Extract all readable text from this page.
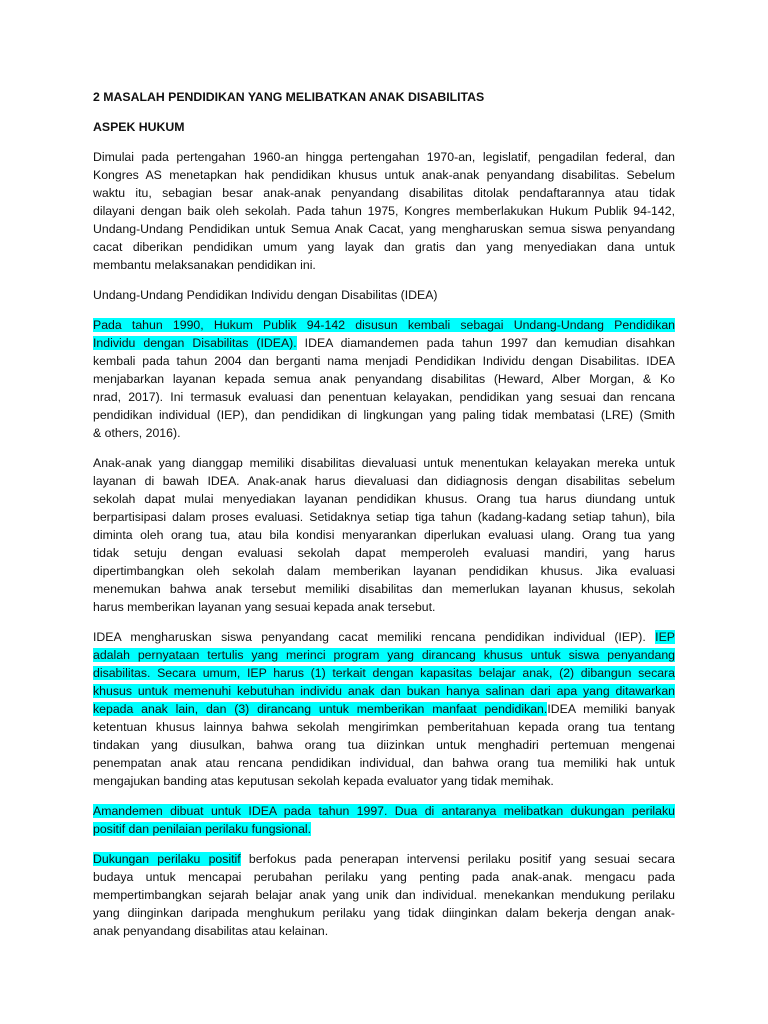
2 MASALAH PENDIDIKAN YANG MELIBATKAN ANAK DISABILITAS
ASPEK HUKUM
Dimulai pada pertengahan 1960-an hingga pertengahan 1970-an, legislatif, pengadilan federal, dan
Kongres AS menetapkan hak pendidikan khusus untuk anak-anak penyandang disabilitas. Sebelum
waktu itu, sebagian besar anak-anak penyandang disabilitas ditolak pendaftarannya atau tidak
dilayani dengan baik oleh sekolah. Pada tahun 1975, Kongres memberlakukan Hukum Publik 94-142,
Undang-Undang Pendidikan untuk Semua Anak Cacat, yang mengharuskan semua siswa penyandang
cacat diberikan pendidikan umum yang layak dan gratis dan yang menyediakan dana untuk
membantu melaksanakan pendidikan ini.
Undang-Undang Pendidikan Individu dengan Disabilitas (IDEA)
Pada tahun 1990, Hukum Publik 94-142 disusun kembali sebagai Undang-Undang Pendidikan
Individu dengan Disabilitas (IDEA). IDEA diamandemen pada tahun 1997 dan kemudian disahkan
kembali pada tahun 2004 dan berganti nama menjadi Pendidikan Individu dengan Disabilitas. IDEA
menjabarkan layanan kepada semua anak penyandang disabilitas (Heward, Alber Morgan, & Ko
nrad, 2017). Ini termasuk evaluasi dan penentuan kelayakan, pendidikan yang sesuai dan rencana
pendidikan individual (IEP), dan pendidikan di lingkungan yang paling tidak membatasi (LRE) (Smith
& others, 2016).
Anak-anak yang dianggap memiliki disabilitas dievaluasi untuk menentukan kelayakan mereka untuk
layanan di bawah IDEA. Anak-anak harus dievaluasi dan didiagnosis dengan disabilitas sebelum
sekolah dapat mulai menyediakan layanan pendidikan khusus. Orang tua harus diundang untuk
berpartisipasi dalam proses evaluasi. Setidaknya setiap tiga tahun (kadang-kadang setiap tahun), bila
diminta oleh orang tua, atau bila kondisi menyarankan diperlukan evaluasi ulang. Orang tua yang
tidak setuju dengan evaluasi sekolah dapat memperoleh evaluasi mandiri, yang harus
dipertimbangkan oleh sekolah dalam memberikan layanan pendidikan khusus. Jika evaluasi
menemukan bahwa anak tersebut memiliki disabilitas dan memerlukan layanan khusus, sekolah
harus memberikan layanan yang sesuai kepada anak tersebut.
IDEA mengharuskan siswa penyandang cacat memiliki rencana pendidikan individual (IEP). IEP
adalah pernyataan tertulis yang merinci program yang dirancang khusus untuk siswa penyandang
disabilitas. Secara umum, IEP harus (1) terkait dengan kapasitas belajar anak, (2) dibangun secara
khusus untuk memenuhi kebutuhan individu anak dan bukan hanya salinan dari apa yang ditawarkan
kepada anak lain, dan (3) dirancang untuk memberikan manfaat pendidikan.IDEA memiliki banyak
ketentuan khusus lainnya bahwa sekolah mengirimkan pemberitahuan kepada orang tua tentang
tindakan yang diusulkan, bahwa orang tua diizinkan untuk menghadiri pertemuan mengenai
penempatan anak atau rencana pendidikan individual, dan bahwa orang tua memiliki hak untuk
mengajukan banding atas keputusan sekolah kepada evaluator yang tidak memihak.
Amandemen dibuat untuk IDEA pada tahun 1997. Dua di antaranya melibatkan dukungan perilaku
positif dan penilaian perilaku fungsional.
Dukungan perilaku positif berfokus pada penerapan intervensi perilaku positif yang sesuai secara
budaya untuk mencapai perubahan perilaku yang penting pada anak-anak. mengacu pada
mempertimbangkan sejarah belajar anak yang unik dan individual. menekankan mendukung perilaku
yang diinginkan daripada menghukum perilaku yang tidak diinginkan dalam bekerja dengan anak-
anak penyandang disabilitas atau kelainan.
